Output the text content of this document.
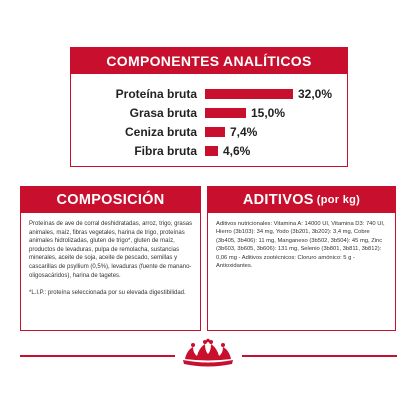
COMPONENTES ANALÍTICOS
Proteína bruta	32,0%
Grasa bruta	15,0%
Ceniza bruta	7,4%
Fibra bruta 4,6%
COMPOSICIÓN
Proteínas de ave de corral deshidratadas, arroz, trigo, grasas animales, maíz, fibras vegetales, harina de trigo, proteínas animales hidrolizadas, gluten de trigo*, gluten de maíz, productos de levaduras, pulpa de remolacha, sustancias minerales, aceite de soja, aceite de pescado, semillas y cascarillas de psyllium (0,5%), levaduras (fuente de manano-oligosacáridos), harina de tagetes.
*L.I.P.: proteína seleccionada por su elevada digestibilidad.
ADITIVOS (por kg)
Aditivos nutricionales: Vitamina A: 14000 UI, Vitamina D3: 740 UI, Hierro (3b103): 34 mg, Yodo (3b201, 3b202): 3,4 mg, Cobre (3b405, 3b406): 11 mg, Manganeso (3b502, 3b504): 45 mg, Zinc (3b603, 3b605, 3b606): 131 mg, Selenio (3b801, 3b811, 3b812): 0,06 mg - Aditivos zootécnicos: Cloruro amónico: 5 g - Antioxidantes.
